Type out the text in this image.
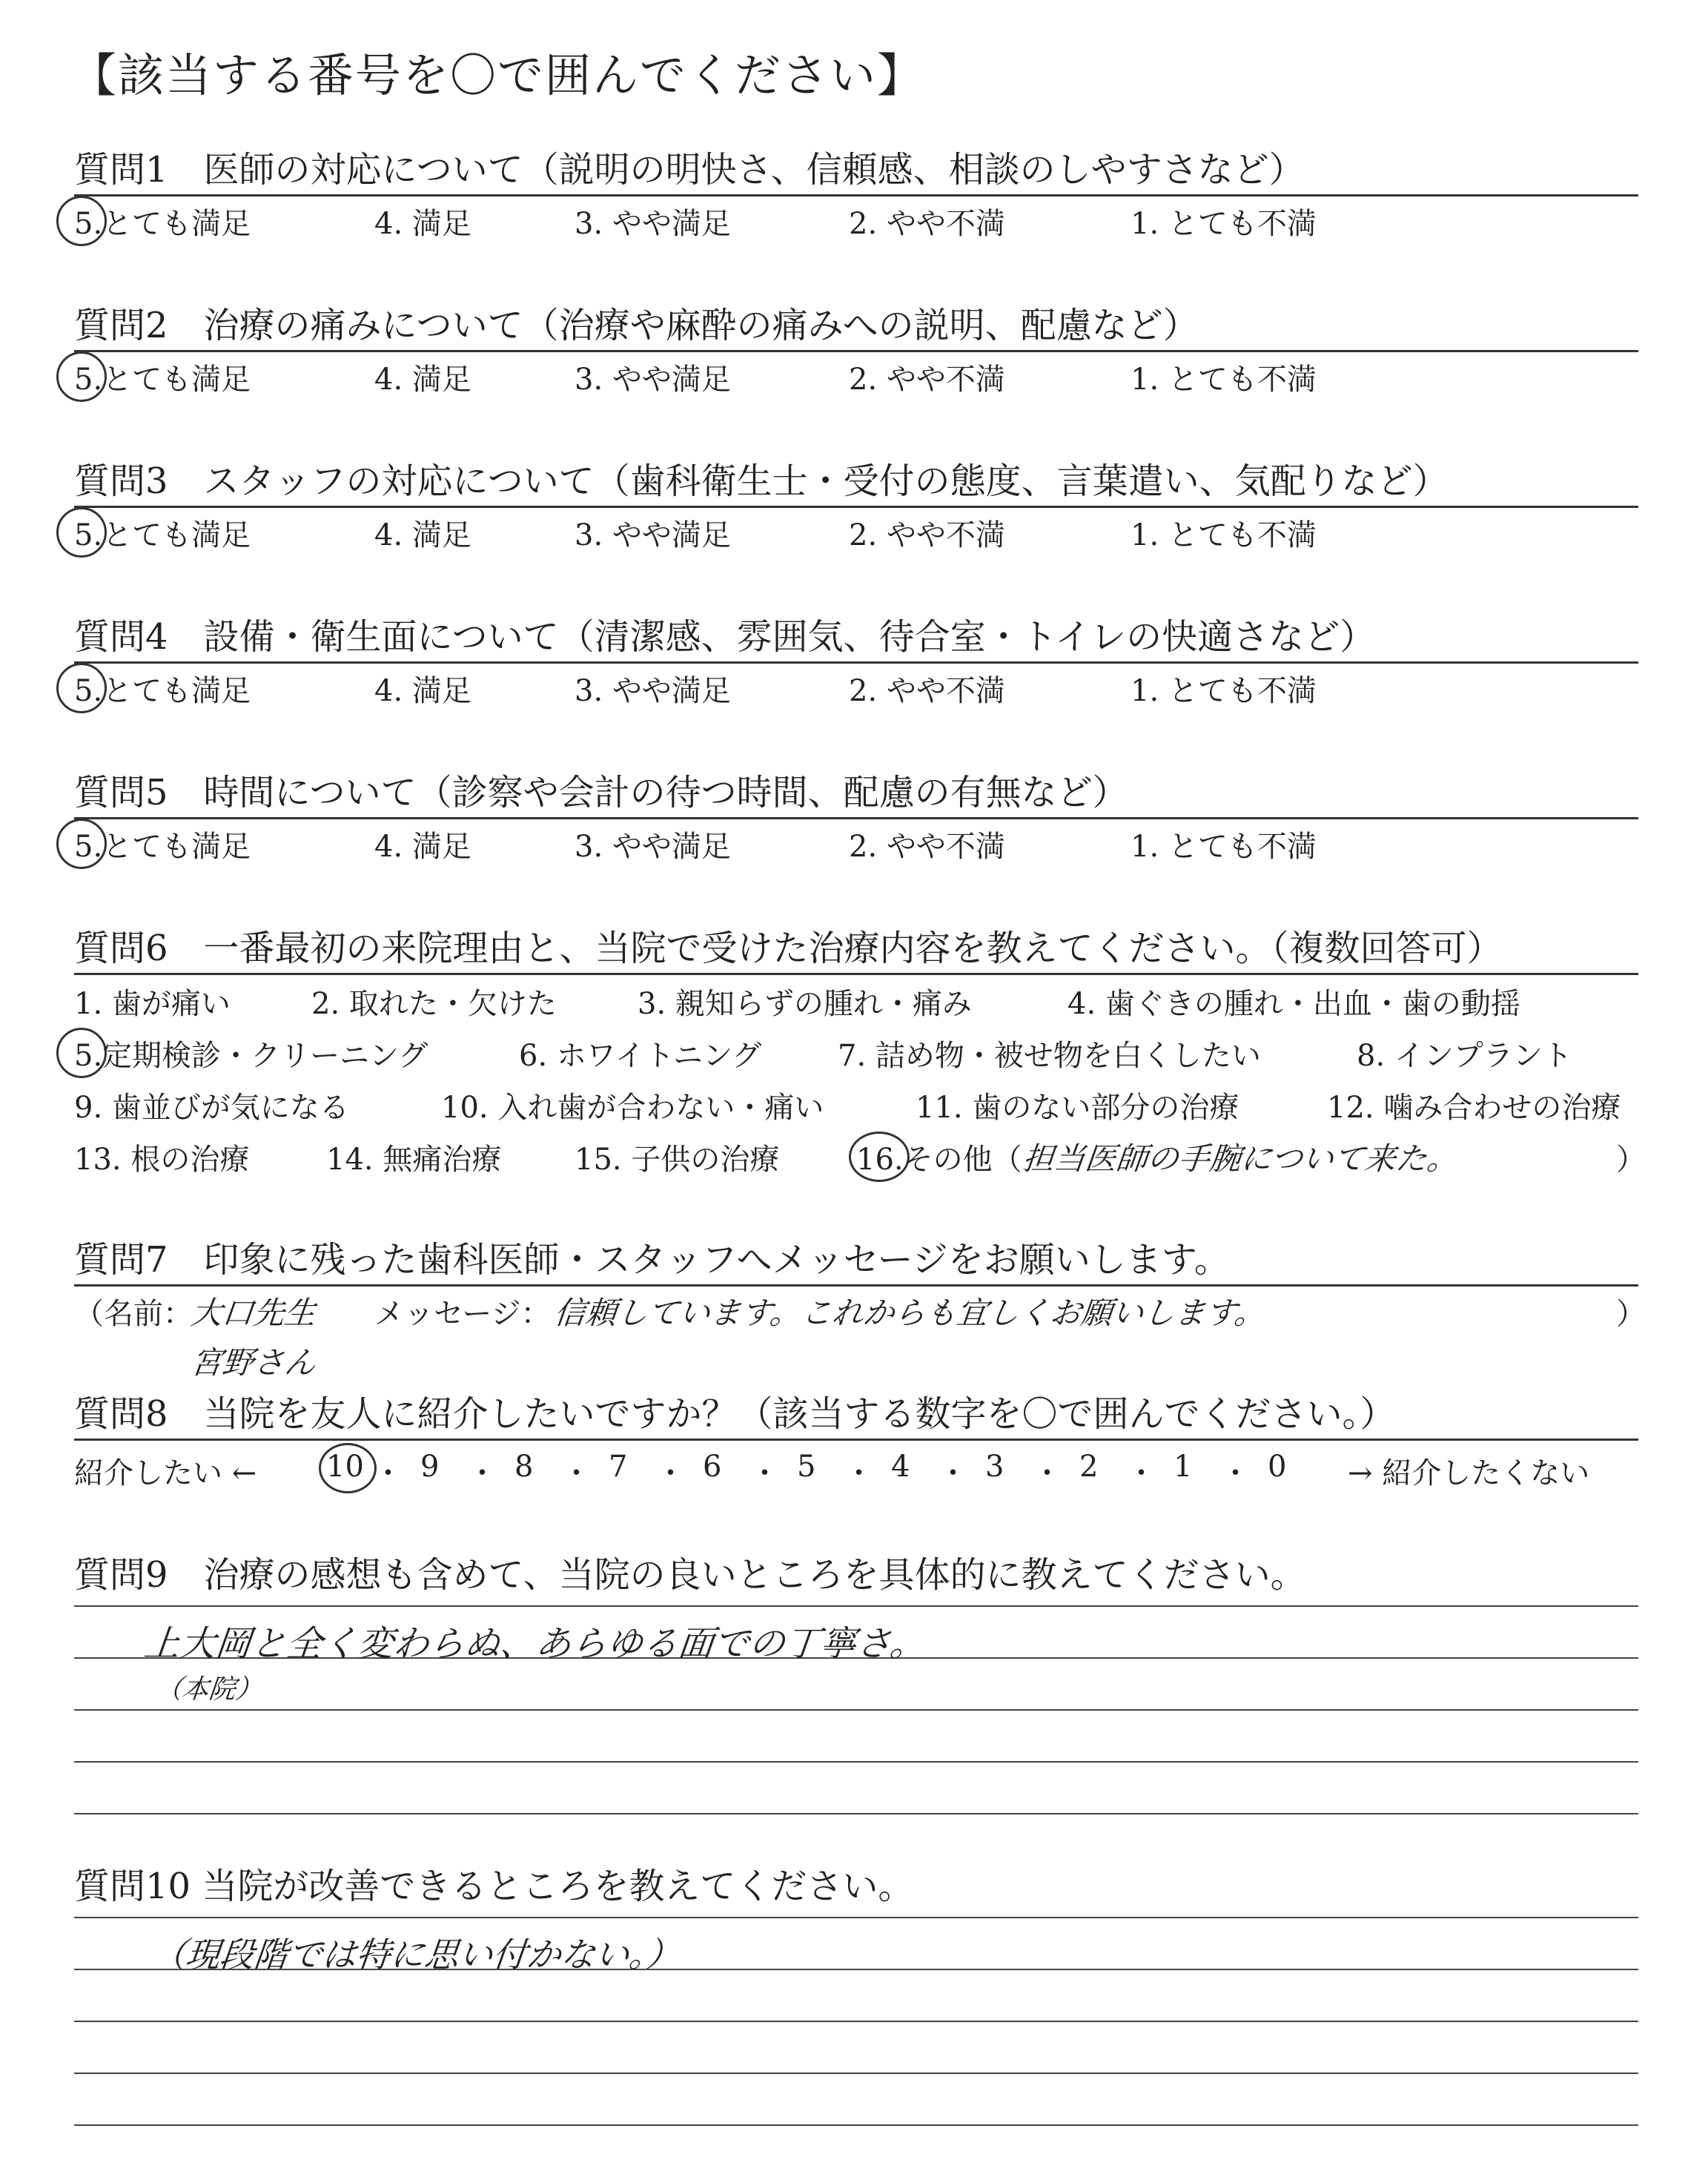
【該当する番号を〇で囲んでください】
質問1　医師の対応について（説明の明快さ、信頼感、相談のしやすさなど）
5.とても満足	4. 満足	3. やや満足	2. やや不満	1. とても不満
質問2　治療の痛みについて（治療や麻酔の痛みへの説明、配慮など）
5.とても満足	4. 満足	3. やや満足	2. やや不満	1. とても不満
質問3　スタッフの対応について（歯科衛生士・受付の態度、言葉遣い、気配りなど）
5.とても満足	4. 満足	3. やや満足	2. やや不満	1. とても不満
質問4　設備・衛生面について（清潔感、雰囲気、待合室・トイレの快適さなど）
5.とても満足	4. 満足	3. やや満足	2. やや不満	1. とても不満
質問5　時間について（診察や会計の待つ時間、配慮の有無など）
5.とても満足	4. 満足	3. やや満足	2. やや不満	1. とても不満
質問6　一番最初の来院理由と、当院で受けた治療内容を教えてください。（複数回答可）
1. 歯が痛い	2. 取れた・欠けた	3. 親知らずの腫れ・痛み	4. 歯ぐきの腫れ・出血・歯の動揺
5.定期検診・クリーニング	6. ホワイトニング	7. 詰め物・被せ物を白くしたい	8. インプラント
9. 歯並びが気になる	10. 入れ歯が合わない・痛い	11. 歯のない部分の治療	12. 噛み合わせの治療
13. 根の治療	14. 無痛治療 15. 子供の治療	16.その他（
担当医師の手腕について来た。	）
質問7　印象に残った歯科医師・スタッフへメッセージをお願いします。
（名前：
大口先生
宮野さん
メッセージ： 信頼しています。これからも宜しくお願いします。	）
質問8　当院を友人に紹介したいですか？（該当する数字を〇で囲んでください。）
紹介したい ← 10 ・ 9 ・ 8 ・ 7 ・ 6 ・ 5 ・ 4 ・ 3 ・ 2 ・ 1 ・ 0 → 紹介したくない
質問9　治療の感想も含めて、当院の良いところを具体的に教えてください。
上大岡と全く変わらぬ、あらゆる面での丁寧さ。
（本院）
質問10 当院が改善できるところを教えてください。
（現段階では特に思い付かない。）
